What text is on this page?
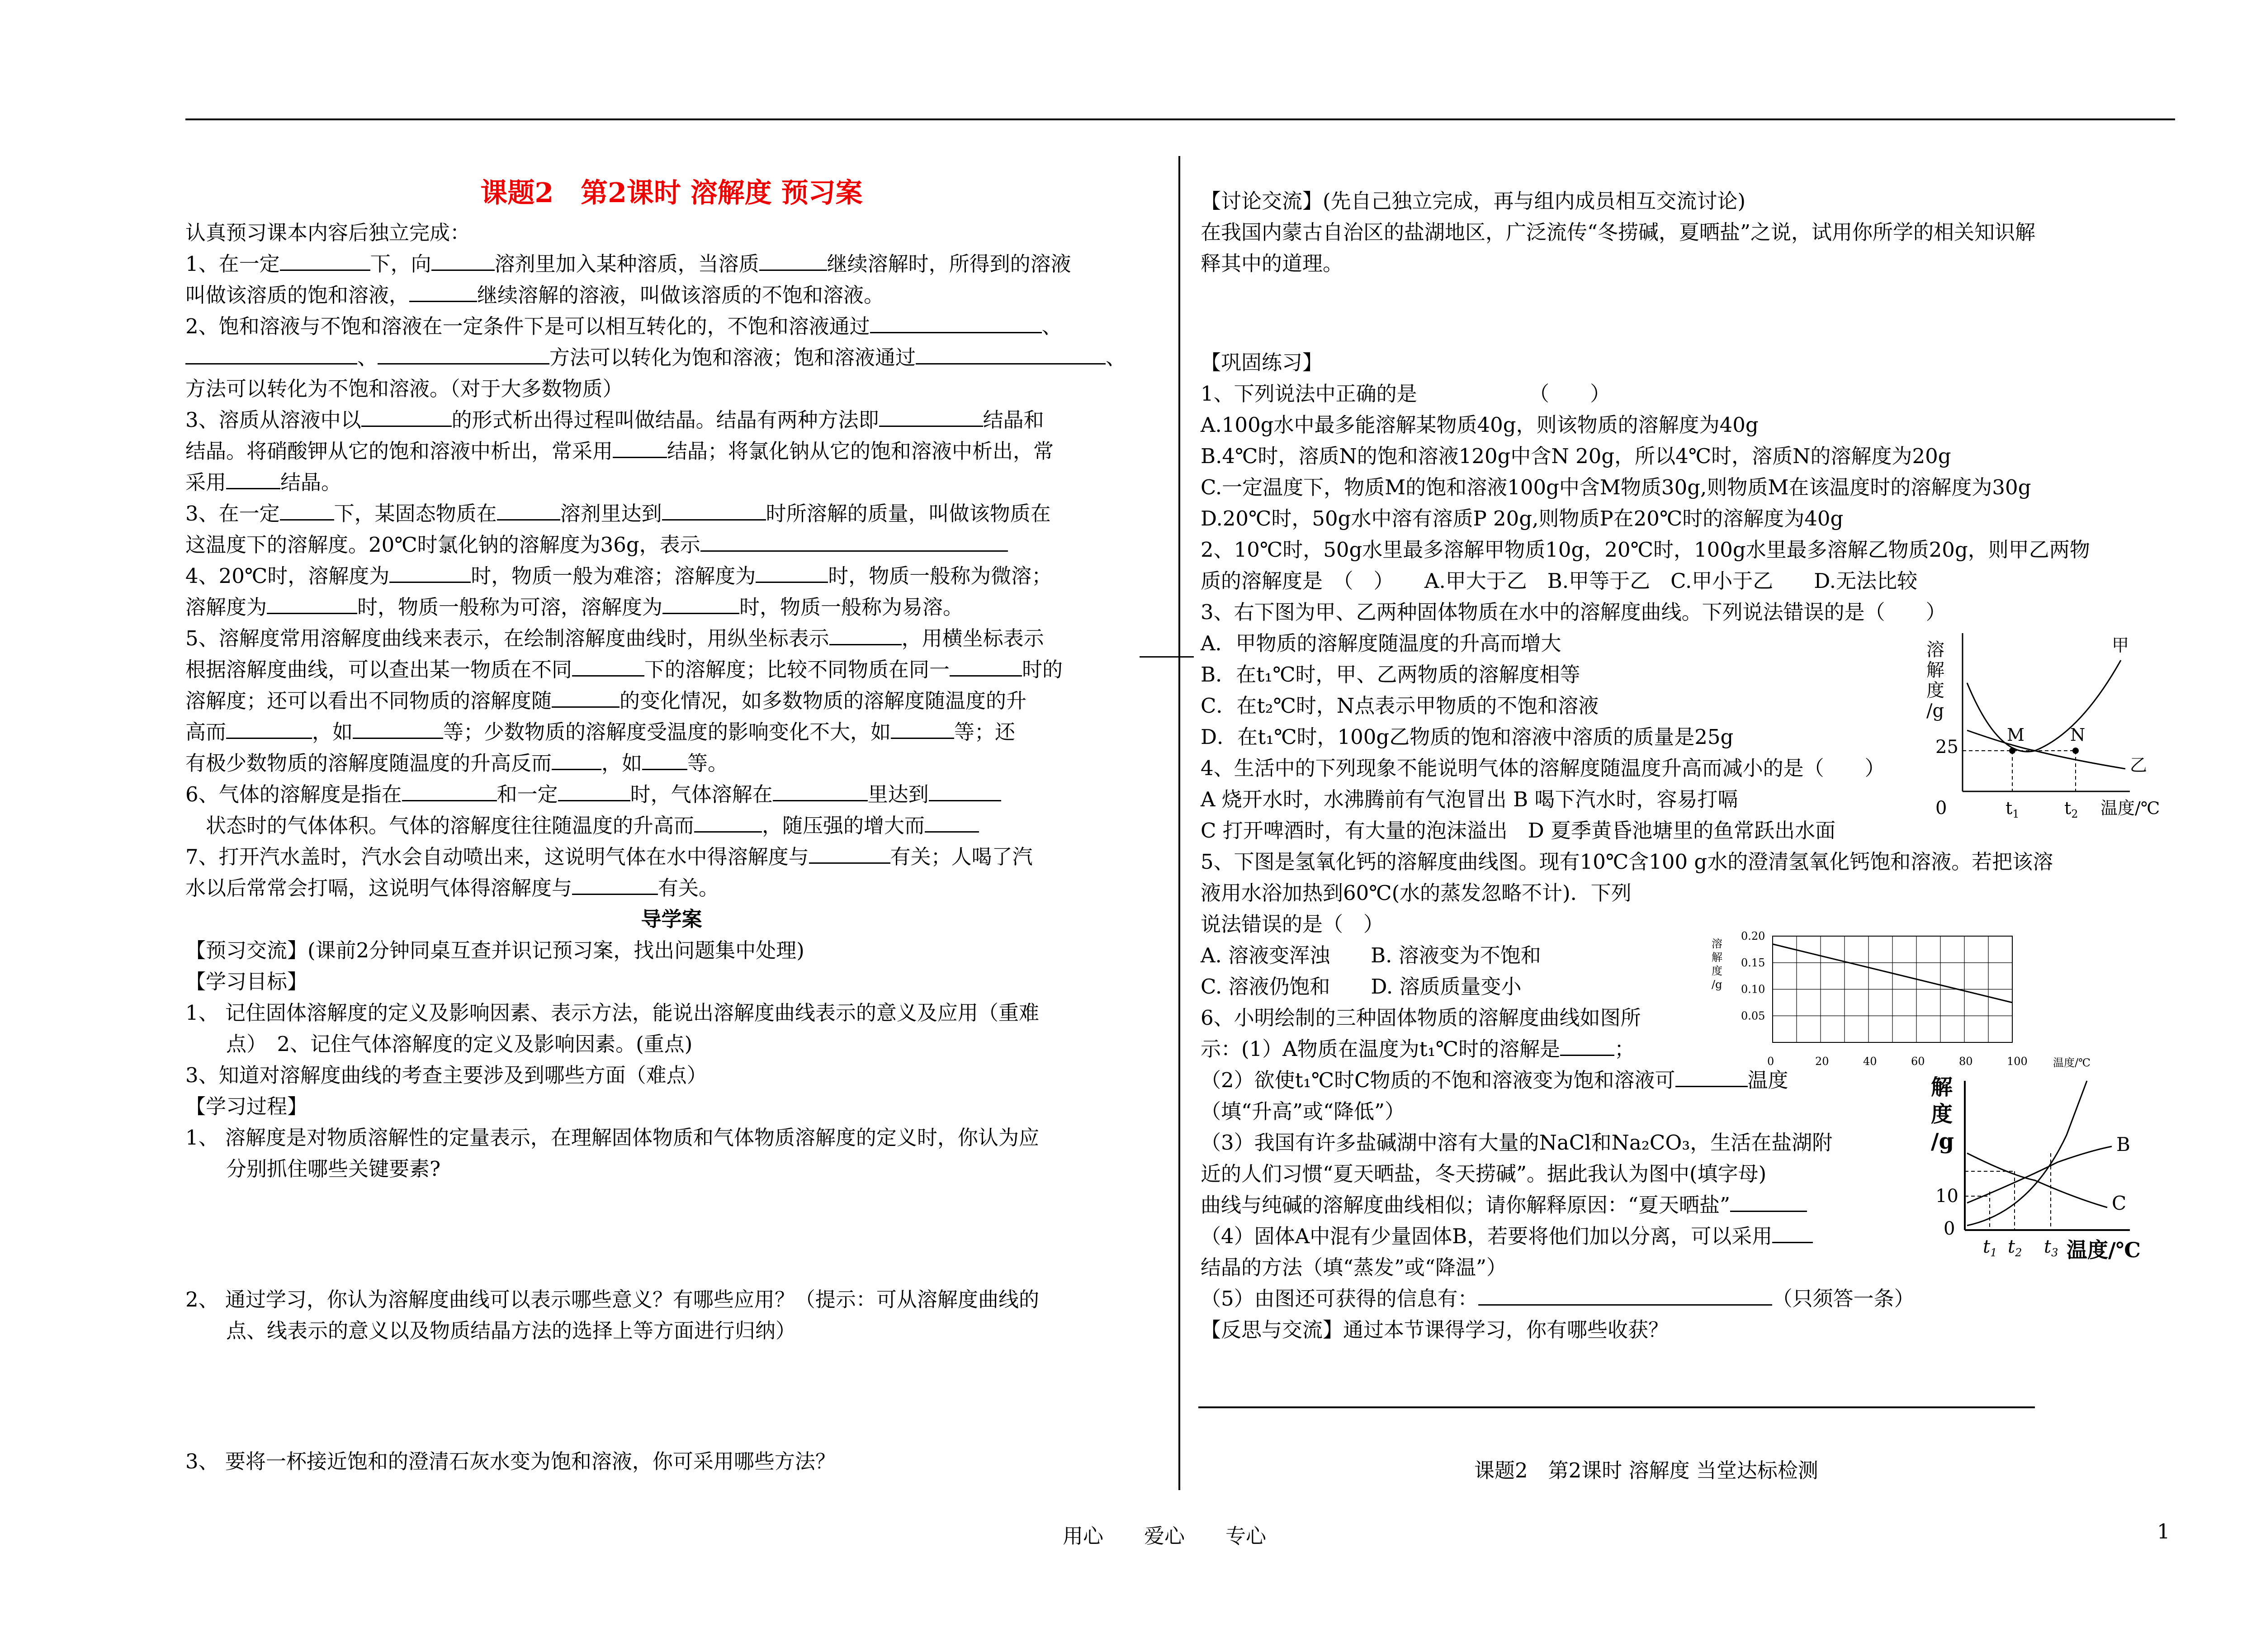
课题2　第2课时 溶解度 预习案
认真预习课本内容后独立完成：
1、在一定	下，向	溶剂里加入某种溶质，当溶质	继续溶解时，所得到的溶液
叫做该溶质的饱和溶液，	继续溶解的溶液，叫做该溶质的不饱和溶液。
2、饱和溶液与不饱和溶液在一定条件下是可以相互转化的，不饱和溶液通过	、
、	方法可以转化为饱和溶液；饱和溶液通过	、
方法可以转化为不饱和溶液。（对于大多数物质）
3、溶质从溶液中以	的形式析出得过程叫做结晶。结晶有两种方法即	结晶和
结晶。将硝酸钾从它的饱和溶液中析出，常采用	结晶；将氯化钠从它的饱和溶液中析出，常
采用	结晶。
3、在一定	下，某固态物质在	溶剂里达到	时所溶解的质量，叫做该物质在
这温度下的溶解度。20℃时氯化钠的溶解度为36g，表示
4、20℃时，溶解度为	时，物质一般为难溶；溶解度为	时，物质一般称为微溶；
溶解度为	时，物质一般称为可溶，溶解度为	时，物质一般称为易溶。
5、溶解度常用溶解度曲线来表示，在绘制溶解度曲线时，用纵坐标表示	，用横坐标表示
根据溶解度曲线，可以查出某一物质在不同	下的溶解度；比较不同物质在同一	时的
溶解度；还可以看出不同物质的溶解度随	的变化情况，如多数物质的溶解度随温度的升
高而	，如	等；少数物质的溶解度受温度的影响变化不大，如	等；还
有极少数物质的溶解度随温度的升高反而 ，如 等。
6、气体的溶解度是指在	和一定	时，气体溶解在	里达到
状态时的气体体积。气体的溶解度往往随温度的升高而	，随压强的增大而
7、打开汽水盖时，汽水会自动喷出来，这说明气体在水中得溶解度与	有关；人喝了汽
水以后常常会打嗝，这说明气体得溶解度与	有关。
导学案
【预习交流】(课前2分钟同桌互查并识记预习案，找出问题集中处理)
【学习目标】
1、 记住固体溶解度的定义及影响因素、表示方法，能说出溶解度曲线表示的意义及应用（重难
点）　2、记住气体溶解度的定义及影响因素。(重点)
3、知道对溶解度曲线的考查主要涉及到哪些方面（难点）
【学习过程】
1、 溶解度是对物质溶解性的定量表示，在理解固体物质和气体物质溶解度的定义时，你认为应
分别抓住哪些关键要素?
2、 通过学习，你认为溶解度曲线可以表示哪些意义？有哪些应用？（提示：可从溶解度曲线的
点、线表示的意义以及物质结晶方法的选择上等方面进行归纳）
3、 要将一杯接近饱和的澄清石灰水变为饱和溶液，你可采用哪些方法？
【讨论交流】(先自己独立完成，再与组内成员相互交流讨论)
在我国内蒙古自治区的盐湖地区，广泛流传“冬捞碱，夏晒盐”之说，试用你所学的相关知识解
释其中的道理。
【巩固练习】
1、下列说法中正确的是　　　　　　（　　）
A.100g水中最多能溶解某物质40g，则该物质的溶解度为40g
B.4℃时，溶质N的饱和溶液120g中含N 20g，所以4℃时，溶质N的溶解度为20g
C.一定温度下，物质M的饱和溶液100g中含M物质30g,则物质M在该温度时的溶解度为30g
D.20℃时，50g水中溶有溶质P 20g,则物质P在20℃时的溶解度为40g
2、10℃时，50g水里最多溶解甲物质10g，20℃时，100g水里最多溶解乙物质20g，则甲乙两物
质的溶解度是　（　）　　A.甲大于乙　B.甲等于乙　C.甲小于乙　　D.无法比较
3、右下图为甲、乙两种固体物质在水中的溶解度曲线。下列说法错误的是（　　）
A．甲物质的溶解度随温度的升高而增大
B．在t₁℃时，甲、乙两物质的溶解度相等
C．在t₂℃时，N点表示甲物质的不饱和溶液
D．在t₁℃时，100g乙物质的饱和溶液中溶质的质量是25g
4、生活中的下列现象不能说明气体的溶解度随温度升高而减小的是（　　）
A 烧开水时，水沸腾前有气泡冒出 B 喝下汽水时，容易打嗝
C 打开啤酒时，有大量的泡沫溢出　D 夏季黄昏池塘里的鱼常跃出水面
5、下图是氢氧化钙的溶解度曲线图。现有10℃含100 g水的澄清氢氧化钙饱和溶液。若把该溶
液用水浴加热到60℃(水的蒸发忽略不计)．下列
说法错误的是（　）
A. 溶液变浑浊　　B. 溶液变为不饱和
C. 溶液仍饱和　　D. 溶质质量变小
6、小明绘制的三种固体物质的溶解度曲线如图所
示：(1）A物质在温度为t₁℃时的溶解是	；
（2）欲使t₁℃时C物质的不饱和溶液变为饱和溶液可	温度
（填“升高”或“降低”）
（3）我国有许多盐碱湖中溶有大量的NaCl和Na₂CO₃，生活在盐湖附
近的人们习惯“夏天晒盐，冬天捞碱”。据此我认为图中(填字母)
曲线与纯碱的溶解度曲线相似；请你解释原因：“夏天晒盐”
（4）固体A中混有少量固体B，若要将他们加以分离，可以采用
结晶的方法（填“蒸发”或“降温”）
（5）由图还可获得的信息有：	（只须答一条）
【反思与交流】通过本节课得学习，你有哪些收获？
课题2　第2课时 溶解度 当堂达标检测
溶
解
度
/g
25
0	$t_1$	$t_2$ 温度/℃
M	N
甲
乙
溶
解
度
/g
0.05
0.10
0.15
0.20
0	20	40	60	80	100 温度/℃
解
度
/g
10
0
$t_1$ $t_2$ $t_3$ 温度/℃
B
C
用心　　爱心　　专心	1
